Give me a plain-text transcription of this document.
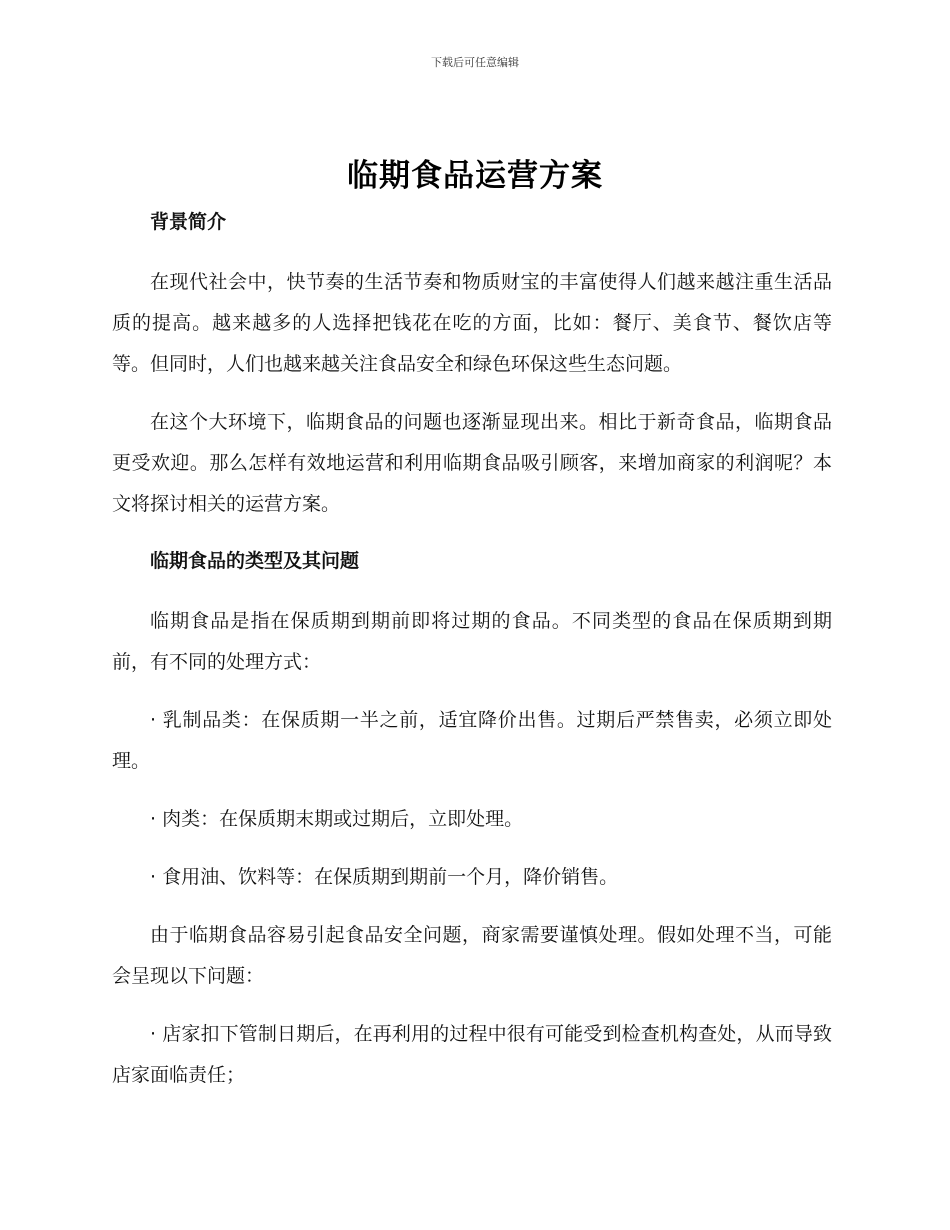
下载后可任意编辑
临期食品运营方案
背景简介
在现代社会中，快节奏的生活节奏和物质财宝的丰富使得人们越来越注重生活品质的提高。越来越多的人选择把钱花在吃的方面，比如：餐厅、美食节、餐饮店等等。但同时，人们也越来越关注食品安全和绿色环保这些生态问题。
在这个大环境下，临期食品的问题也逐渐显现出来。相比于新奇食品，临期食品更受欢迎。那么怎样有效地运营和利用临期食品吸引顾客，来增加商家的利润呢？本文将探讨相关的运营方案。
临期食品的类型及其问题
临期食品是指在保质期到期前即将过期的食品。不同类型的食品在保质期到期前，有不同的处理方式：
· 乳制品类：在保质期一半之前，适宜降价出售。过期后严禁售卖，必须立即处理。
· 肉类：在保质期末期或过期后，立即处理。
· 食用油、饮料等：在保质期到期前一个月，降价销售。
由于临期食品容易引起食品安全问题，商家需要谨慎处理。假如处理不当，可能会呈现以下问题：
· 店家扣下管制日期后，在再利用的过程中很有可能受到检查机构查处，从而导致店家面临责任；
